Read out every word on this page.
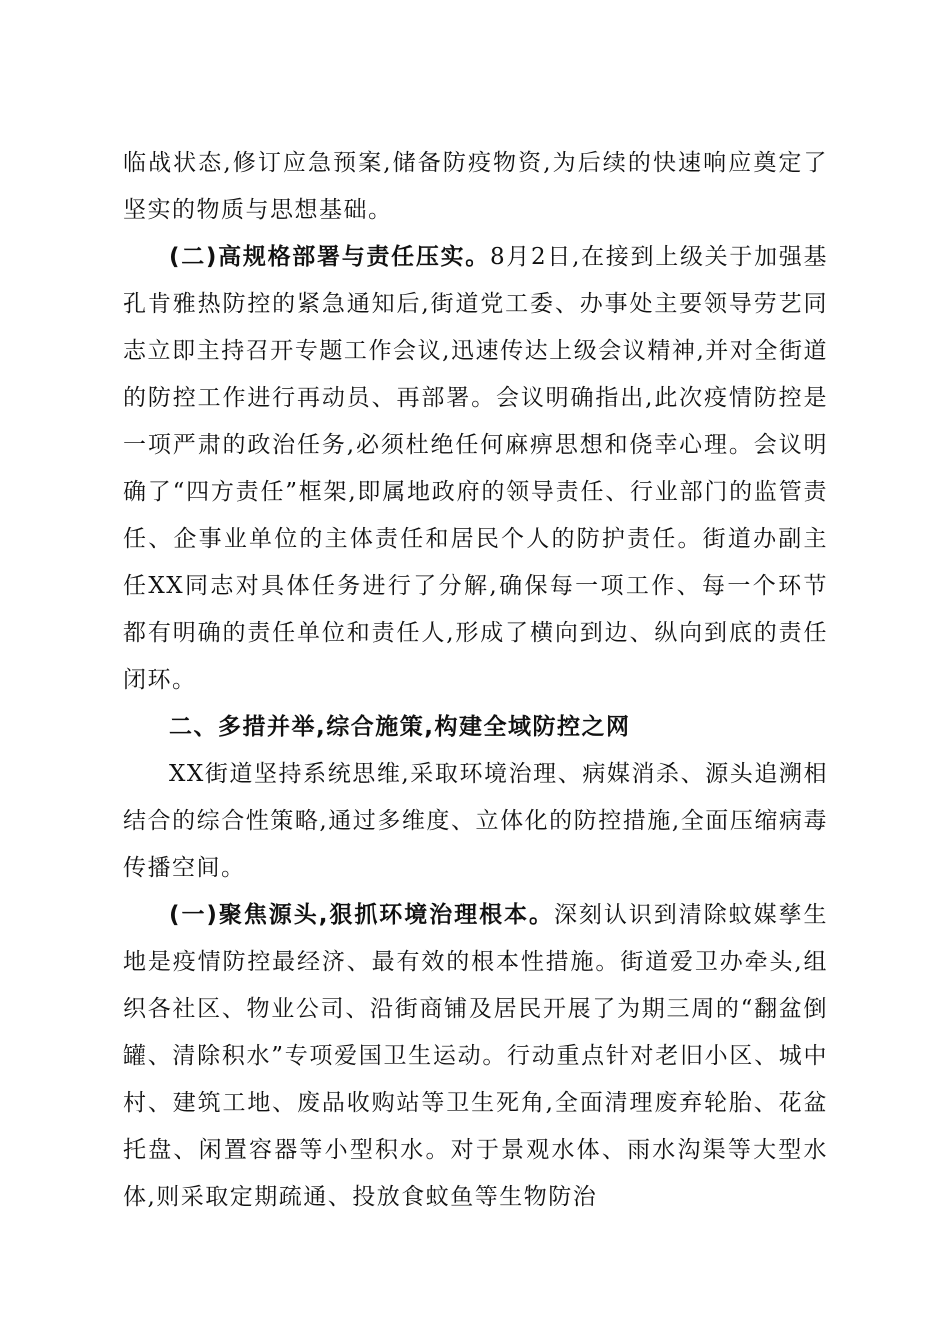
临战状态,修订应急预案,储备防疫物资,为后续的快速响应奠定了坚实的物质与思想基础。

(二)高规格部署与责任压实。8月2日,在接到上级关于加强基孔肯雅热防控的紧急通知后,街道党工委、办事处主要领导劳艺同志立即主持召开专题工作会议,迅速传达上级会议精神,并对全街道的防控工作进行再动员、再部署。会议明确指出,此次疫情防控是一项严肃的政治任务,必须杜绝任何麻痹思想和侥幸心理。会议明确了“四方责任”框架,即属地政府的领导责任、行业部门的监管责任、企事业单位的主体责任和居民个人的防护责任。街道办副主任XX同志对具体任务进行了分解,确保每一项工作、每一个环节都有明确的责任单位和责任人,形成了横向到边、纵向到底的责任闭环。

二、多措并举,综合施策,构建全域防控之网

XX街道坚持系统思维,采取环境治理、病媒消杀、源头追溯相结合的综合性策略,通过多维度、立体化的防控措施,全面压缩病毒传播空间。

(一)聚焦源头,狠抓环境治理根本。深刻认识到清除蚊媒孳生地是疫情防控最经济、最有效的根本性措施。街道爱卫办牵头,组织各社区、物业公司、沿街商铺及居民开展了为期三周的“翻盆倒罐、清除积水”专项爱国卫生运动。行动重点针对老旧小区、城中村、建筑工地、废品收购站等卫生死角,全面清理废弃轮胎、花盆托盘、闲置容器等小型积水。对于景观水体、雨水沟渠等大型水体,则采取定期疏通、投放食蚊鱼等生物防治
